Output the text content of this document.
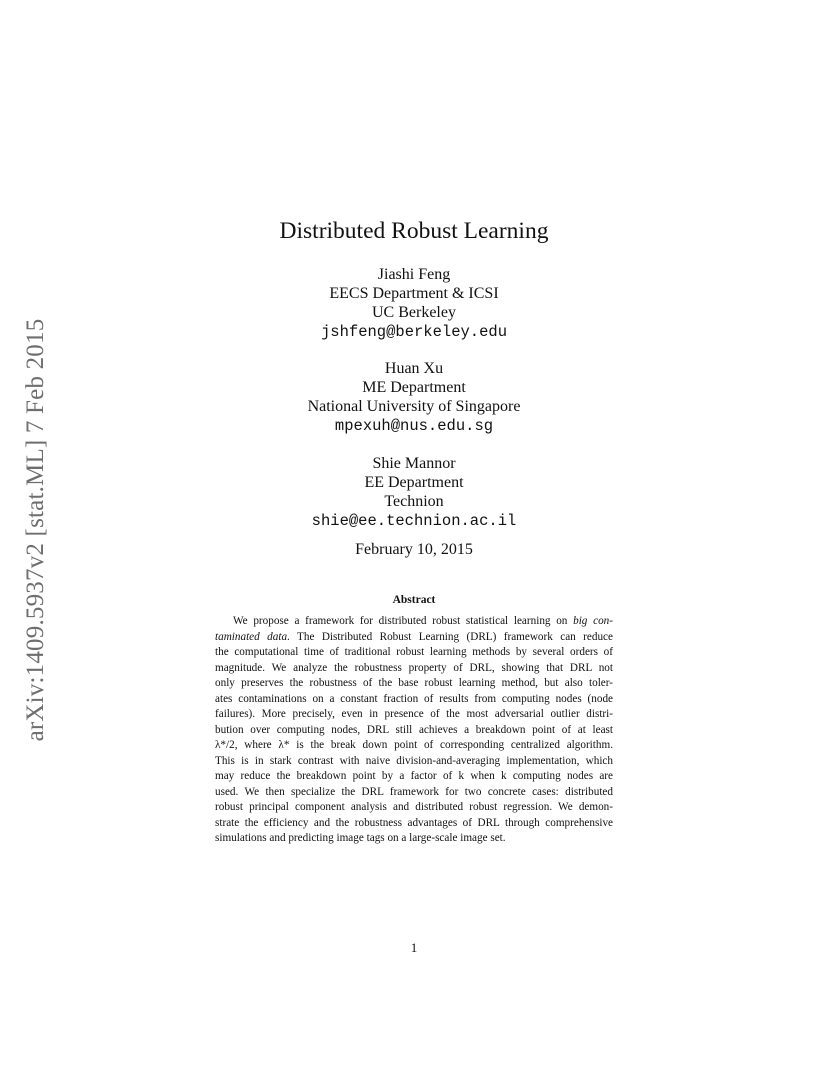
arXiv:1409.5937v2 [stat.ML] 7 Feb 2015
Distributed Robust Learning
Jiashi Feng
EECS Department & ICSI
UC Berkeley
jshfeng@berkeley.edu
Huan Xu
ME Department
National University of Singapore
mpexuh@nus.edu.sg
Shie Mannor
EE Department
Technion
shie@ee.technion.ac.il
February 10, 2015
Abstract
We propose a framework for distributed robust statistical learning on big con-
taminated data. The Distributed Robust Learning (DRL) framework can reduce
the computational time of traditional robust learning methods by several orders of
magnitude. We analyze the robustness property of DRL, showing that DRL not
only preserves the robustness of the base robust learning method, but also toler-
ates contaminations on a constant fraction of results from computing nodes (node
failures). More precisely, even in presence of the most adversarial outlier distri-
bution over computing nodes, DRL still achieves a breakdown point of at least
λ*/2, where λ* is the break down point of corresponding centralized algorithm.
This is in stark contrast with naive division-and-averaging implementation, which
may reduce the breakdown point by a factor of k when k computing nodes are
used. We then specialize the DRL framework for two concrete cases: distributed
robust principal component analysis and distributed robust regression. We demon-
strate the efficiency and the robustness advantages of DRL through comprehensive
simulations and predicting image tags on a large-scale image set.
1
